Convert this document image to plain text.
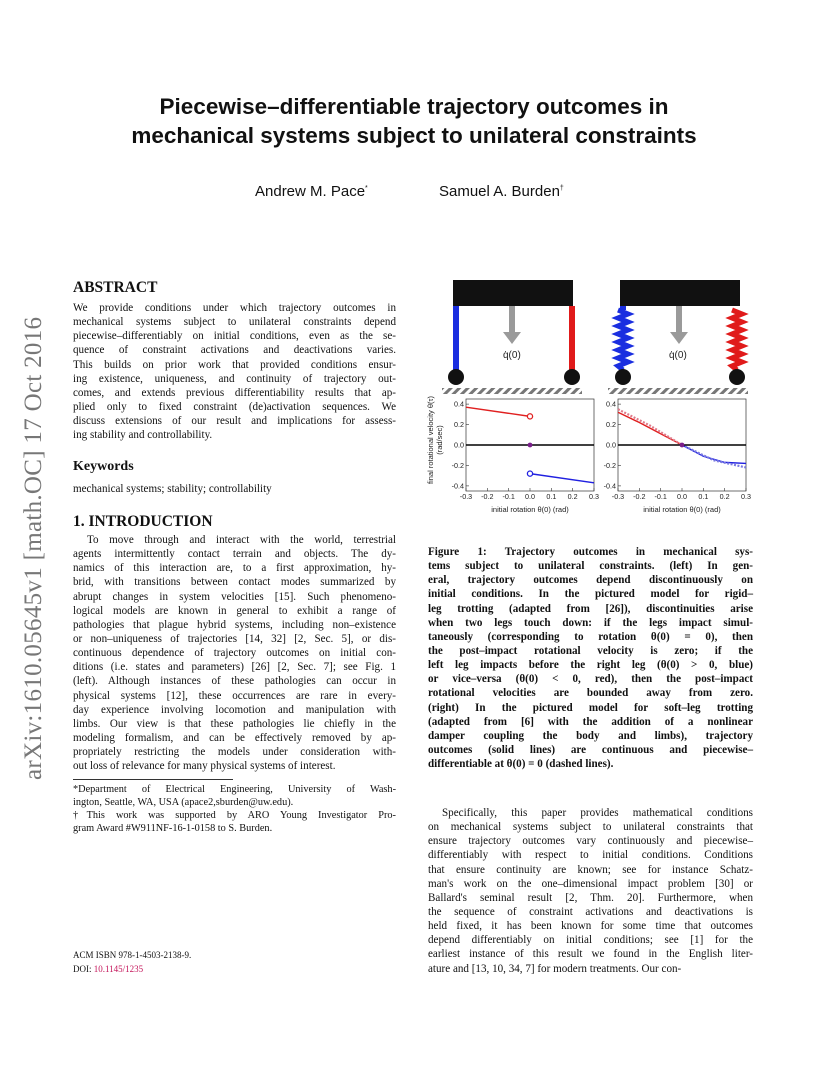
Piecewise–differentiable trajectory outcomes in
mechanical systems subject to unilateral constraints
Andrew M. Pace*	Samuel A. Burden†
arXiv:1610.05645v1 [math.OC] 17 Oct 2016
ABSTRACT
We provide conditions under which trajectory outcomes in
mechanical systems subject to unilateral constraints depend
piecewise–differentiably on initial conditions, even as the se-
quence of constraint activations and deactivations varies.
This builds on prior work that provided conditions ensur-
ing existence, uniqueness, and continuity of trajectory out-
comes, and extends previous differentiability results that ap-
plied only to fixed constraint (de)activation sequences. We
discuss extensions of our result and implications for assess-
ing stability and controllability.
Keywords
mechanical systems; stability; controllability
1. INTRODUCTION
To move through and interact with the world, terrestrial
agents intermittently contact terrain and objects. The dy-
namics of this interaction are, to a first approximation, hy-
brid, with transitions between contact modes summarized by
abrupt changes in system velocities [15]. Such phenomeno-
logical models are known in general to exhibit a range of
pathologies that plague hybrid systems, including non–existence
or non–uniqueness of trajectories [14, 32] [2, Sec. 5], or dis-
continuous dependence of trajectory outcomes on initial con-
ditions (i.e. states and parameters) [26] [2, Sec. 7]; see Fig. 1
(left). Although instances of these pathologies can occur in
physical systems [12], these occurrences are rare in every-
day experience involving locomotion and manipulation with
limbs. Our view is that these pathologies lie chiefly in the
modeling formalism, and can be effectively removed by ap-
propriately restricting the models under consideration with-
out loss of relevance for many physical systems of interest.
*Department of Electrical Engineering, University of Wash-
ington, Seattle, WA, USA (apace2,sburden@uw.edu).
†This work was supported by ARO Young Investigator Pro-
gram Award #W911NF-16-1-0158 to S. Burden.
ACM ISBN 978-1-4503-2138-9.
DOI: 10.1145/1235
q̇(0)	q̇(0)
-0.3 -0.2 -0.1 0.0 0.1 0.2 0.3
0.4
0.2
0.0
-0.2
-0.4
-0.3 -0.2 -0.1 0.0 0.1 0.2 0.3
0.4
0.2
0.0
-0.2
-0.4
final rotational velocity θ̇(τ) (rad/sec)
initial rotation θ(0) (rad)	initial rotation θ(0) (rad)
Figure 1: Trajectory outcomes in mechanical sys-
tems subject to unilateral constraints. (left) In gen-
eral, trajectory outcomes depend discontinuously on
initial conditions. In the pictured model for rigid–
leg trotting (adapted from [26]), discontinuities arise
when two legs touch down: if the legs impact simul-
taneously (corresponding to rotation θ(0) = 0), then
the post–impact rotational velocity is zero; if the
left leg impacts before the right leg (θ(0) > 0, blue)
or vice–versa (θ(0) < 0, red), then the post–impact
rotational velocities are bounded away from zero.
(right) In the pictured model for soft–leg trotting
(adapted from [6] with the addition of a nonlinear
damper coupling the body and limbs), trajectory
outcomes (solid lines) are continuous and piecewise–
differentiable at θ(0) = 0 (dashed lines).
Specifically, this paper provides mathematical conditions
on mechanical systems subject to unilateral constraints that
ensure trajectory outcomes vary continuously and piecewise–
differentiably with respect to initial conditions. Conditions
that ensure continuity are known; see for instance Schatz-
man's work on the one–dimensional impact problem [30] or
Ballard's seminal result [2, Thm. 20]. Furthermore, when
the sequence of constraint activations and deactivations is
held fixed, it has been known for some time that outcomes
depend differentiably on initial conditions; see [1] for the
earliest instance of this result we found in the English liter-
ature and [13, 10, 34, 7] for modern treatments. Our con-
